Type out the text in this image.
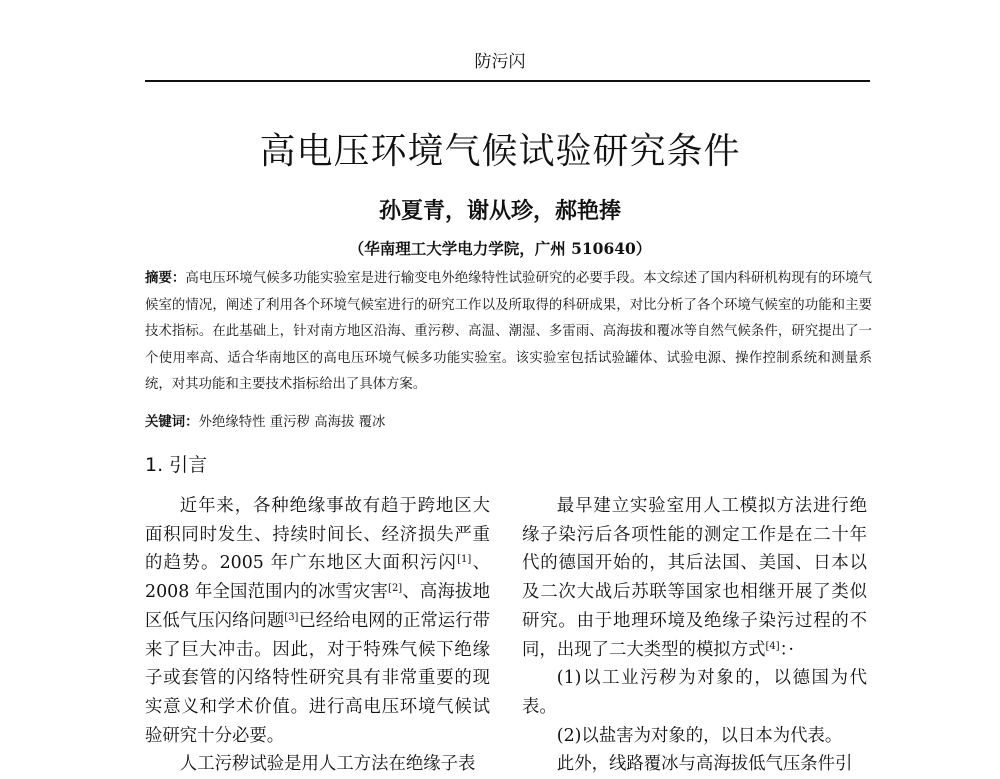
防污闪
高电压环境气候试验研究条件
孙夏青，谢从珍，郝艳捧
（华南理工大学电力学院，广州 510640）
摘要：高电压环境气候多功能实验室是进行输变电外绝缘特性试验研究的必要手段。本文综述了国内科研机构现有的环境气候室的情况，阐述了利用各个环境气候室进行的研究工作以及所取得的科研成果，对比分析了各个环境气候室的功能和主要技术指标。在此基础上，针对南方地区沿海、重污秽、高温、潮湿、多雷雨、高海拔和覆冰等自然气候条件，研究提出了一个使用率高、适合华南地区的高电压环境气候多功能实验室。该实验室包括试验罐体、试验电源、操作控制系统和测量系统，对其功能和主要技术指标给出了具体方案。
关键词：外绝缘特性 重污秽 高海拔 覆冰
1. 引言

近年来，各种绝缘事故有趋于跨地区大面积同时发生、持续时间长、经济损失严重的趋势。2005 年广东地区大面积污闪[1]、2008 年全国范围内的冰雪灾害[2]、高海拔地区低气压闪络问题[3]已经给电网的正常运行带来了巨大冲击。因此，对于特殊气候下绝缘子或套管的闪络特性研究具有非常重要的现实意义和学术价值。进行高电压环境气候试验研究十分必要。

人工污秽试验是用人工方法在绝缘子表

最早建立实验室用人工模拟方法进行绝缘子染污后各项性能的测定工作是在二十年代的德国开始的，其后法国、美国、日本以及二次大战后苏联等国家也相继开展了类似研究。由于地理环境及绝缘子染污过程的不同，出现了二大类型的模拟方式[4]：·

(1)以工业污秽为对象的，以德国为代表。

(2)以盐害为对象的，以日本为代表。

此外，线路覆冰与高海拔低气压条件引
